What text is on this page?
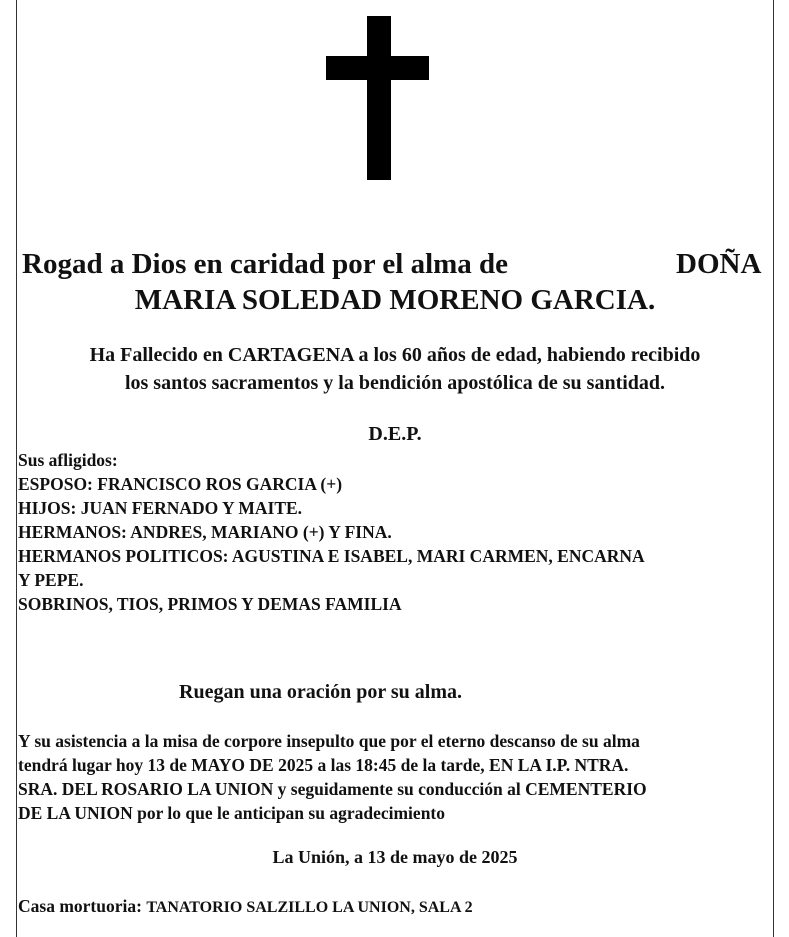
Rogad a Dios en caridad por el alma de	DOÑA
MARIA SOLEDAD MORENO GARCIA.
Ha Fallecido en CARTAGENA a los 60 años de edad, habiendo recibido
los santos sacramentos y la bendición apostólica de su santidad.
D.E.P.
Sus afligidos:
ESPOSO: FRANCISCO ROS GARCIA (+)
HIJOS: JUAN FERNADO Y MAITE.
HERMANOS: ANDRES, MARIANO (+) Y FINA.
HERMANOS POLITICOS: AGUSTINA E ISABEL, MARI CARMEN, ENCARNA
Y PEPE.
SOBRINOS, TIOS, PRIMOS Y DEMAS FAMILIA
Ruegan una oración por su alma.
Y su asistencia a la misa de corpore insepulto que por el eterno descanso de su alma
tendrá lugar hoy 13 de MAYO DE 2025 a las 18:45 de la tarde, EN LA I.P. NTRA.
SRA. DEL ROSARIO LA UNION y seguidamente su conducción al CEMENTERIO
DE LA UNION por lo que le anticipan su agradecimiento
La Unión, a 13 de mayo de 2025
Casa mortuoria: TANATORIO SALZILLO LA UNION, SALA 2
